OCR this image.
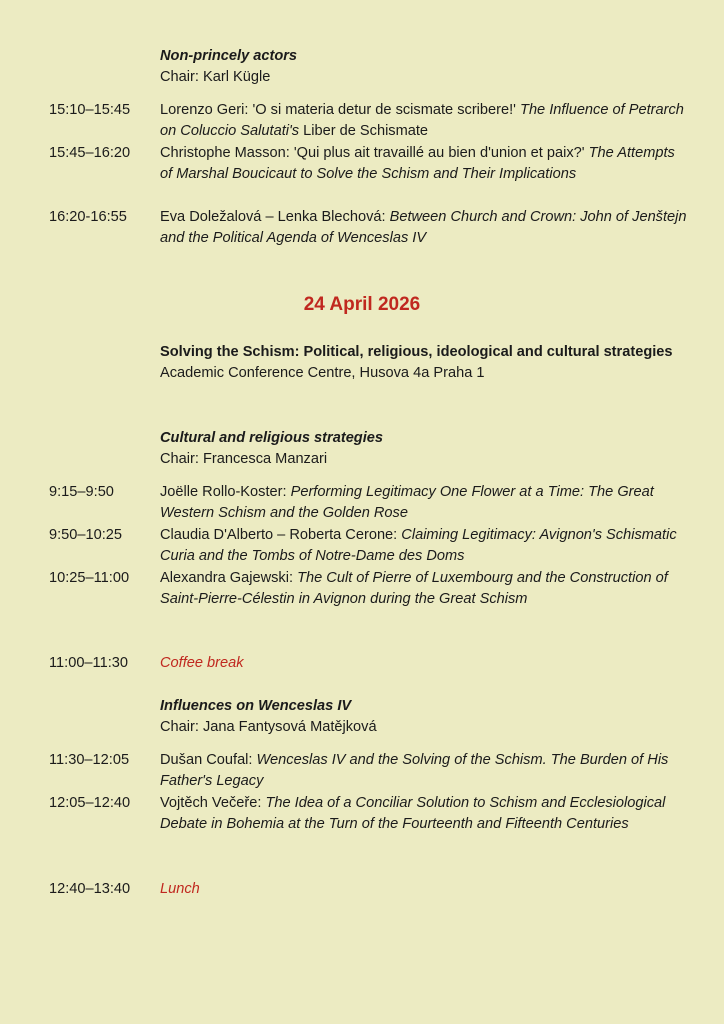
Non-princely actors
Chair: Karl Kügle
15:10–15:45	Lorenzo Geri: 'O si materia detur de scismate scribere!' The Influence of Petrarch on Coluccio Salutati's Liber de Schismate
15:45–16:20	Christophe Masson: 'Qui plus ait travaillé au bien d'union et paix?' The Attempts of Marshal Boucicaut to Solve the Schism and Their Implications
16:20-16:55	Eva Doležalová – Lenka Blechová: Between Church and Crown: John of Jenštejn and the Political Agenda of Wenceslas IV
24 April 2026
Solving the Schism: Political, religious, ideological and cultural strategies
Academic Conference Centre, Husova 4a Praha 1
Cultural and religious strategies
Chair: Francesca Manzari
9:15–9:50	Joëlle Rollo-Koster: Performing Legitimacy One Flower at a Time: The Great Western Schism and the Golden Rose
9:50–10:25	Claudia D'Alberto – Roberta Cerone: Claiming Legitimacy: Avignon's Schismatic Curia and the Tombs of Notre-Dame des Doms
10:25–11:00	Alexandra Gajewski: The Cult of Pierre of Luxembourg and the Construction of Saint-Pierre-Célestin in Avignon during the Great Schism
11:00–11:30	Coffee break
Influences on Wenceslas IV
Chair: Jana Fantysová Matějková
11:30–12:05	Dušan Coufal: Wenceslas IV and the Solving of the Schism. The Burden of His Father's Legacy
12:05–12:40	Vojtěch Večeře: The Idea of a Conciliar Solution to Schism and Ecclesiological Debate in Bohemia at the Turn of the Fourteenth and Fifteenth Centuries
12:40–13:40	Lunch
